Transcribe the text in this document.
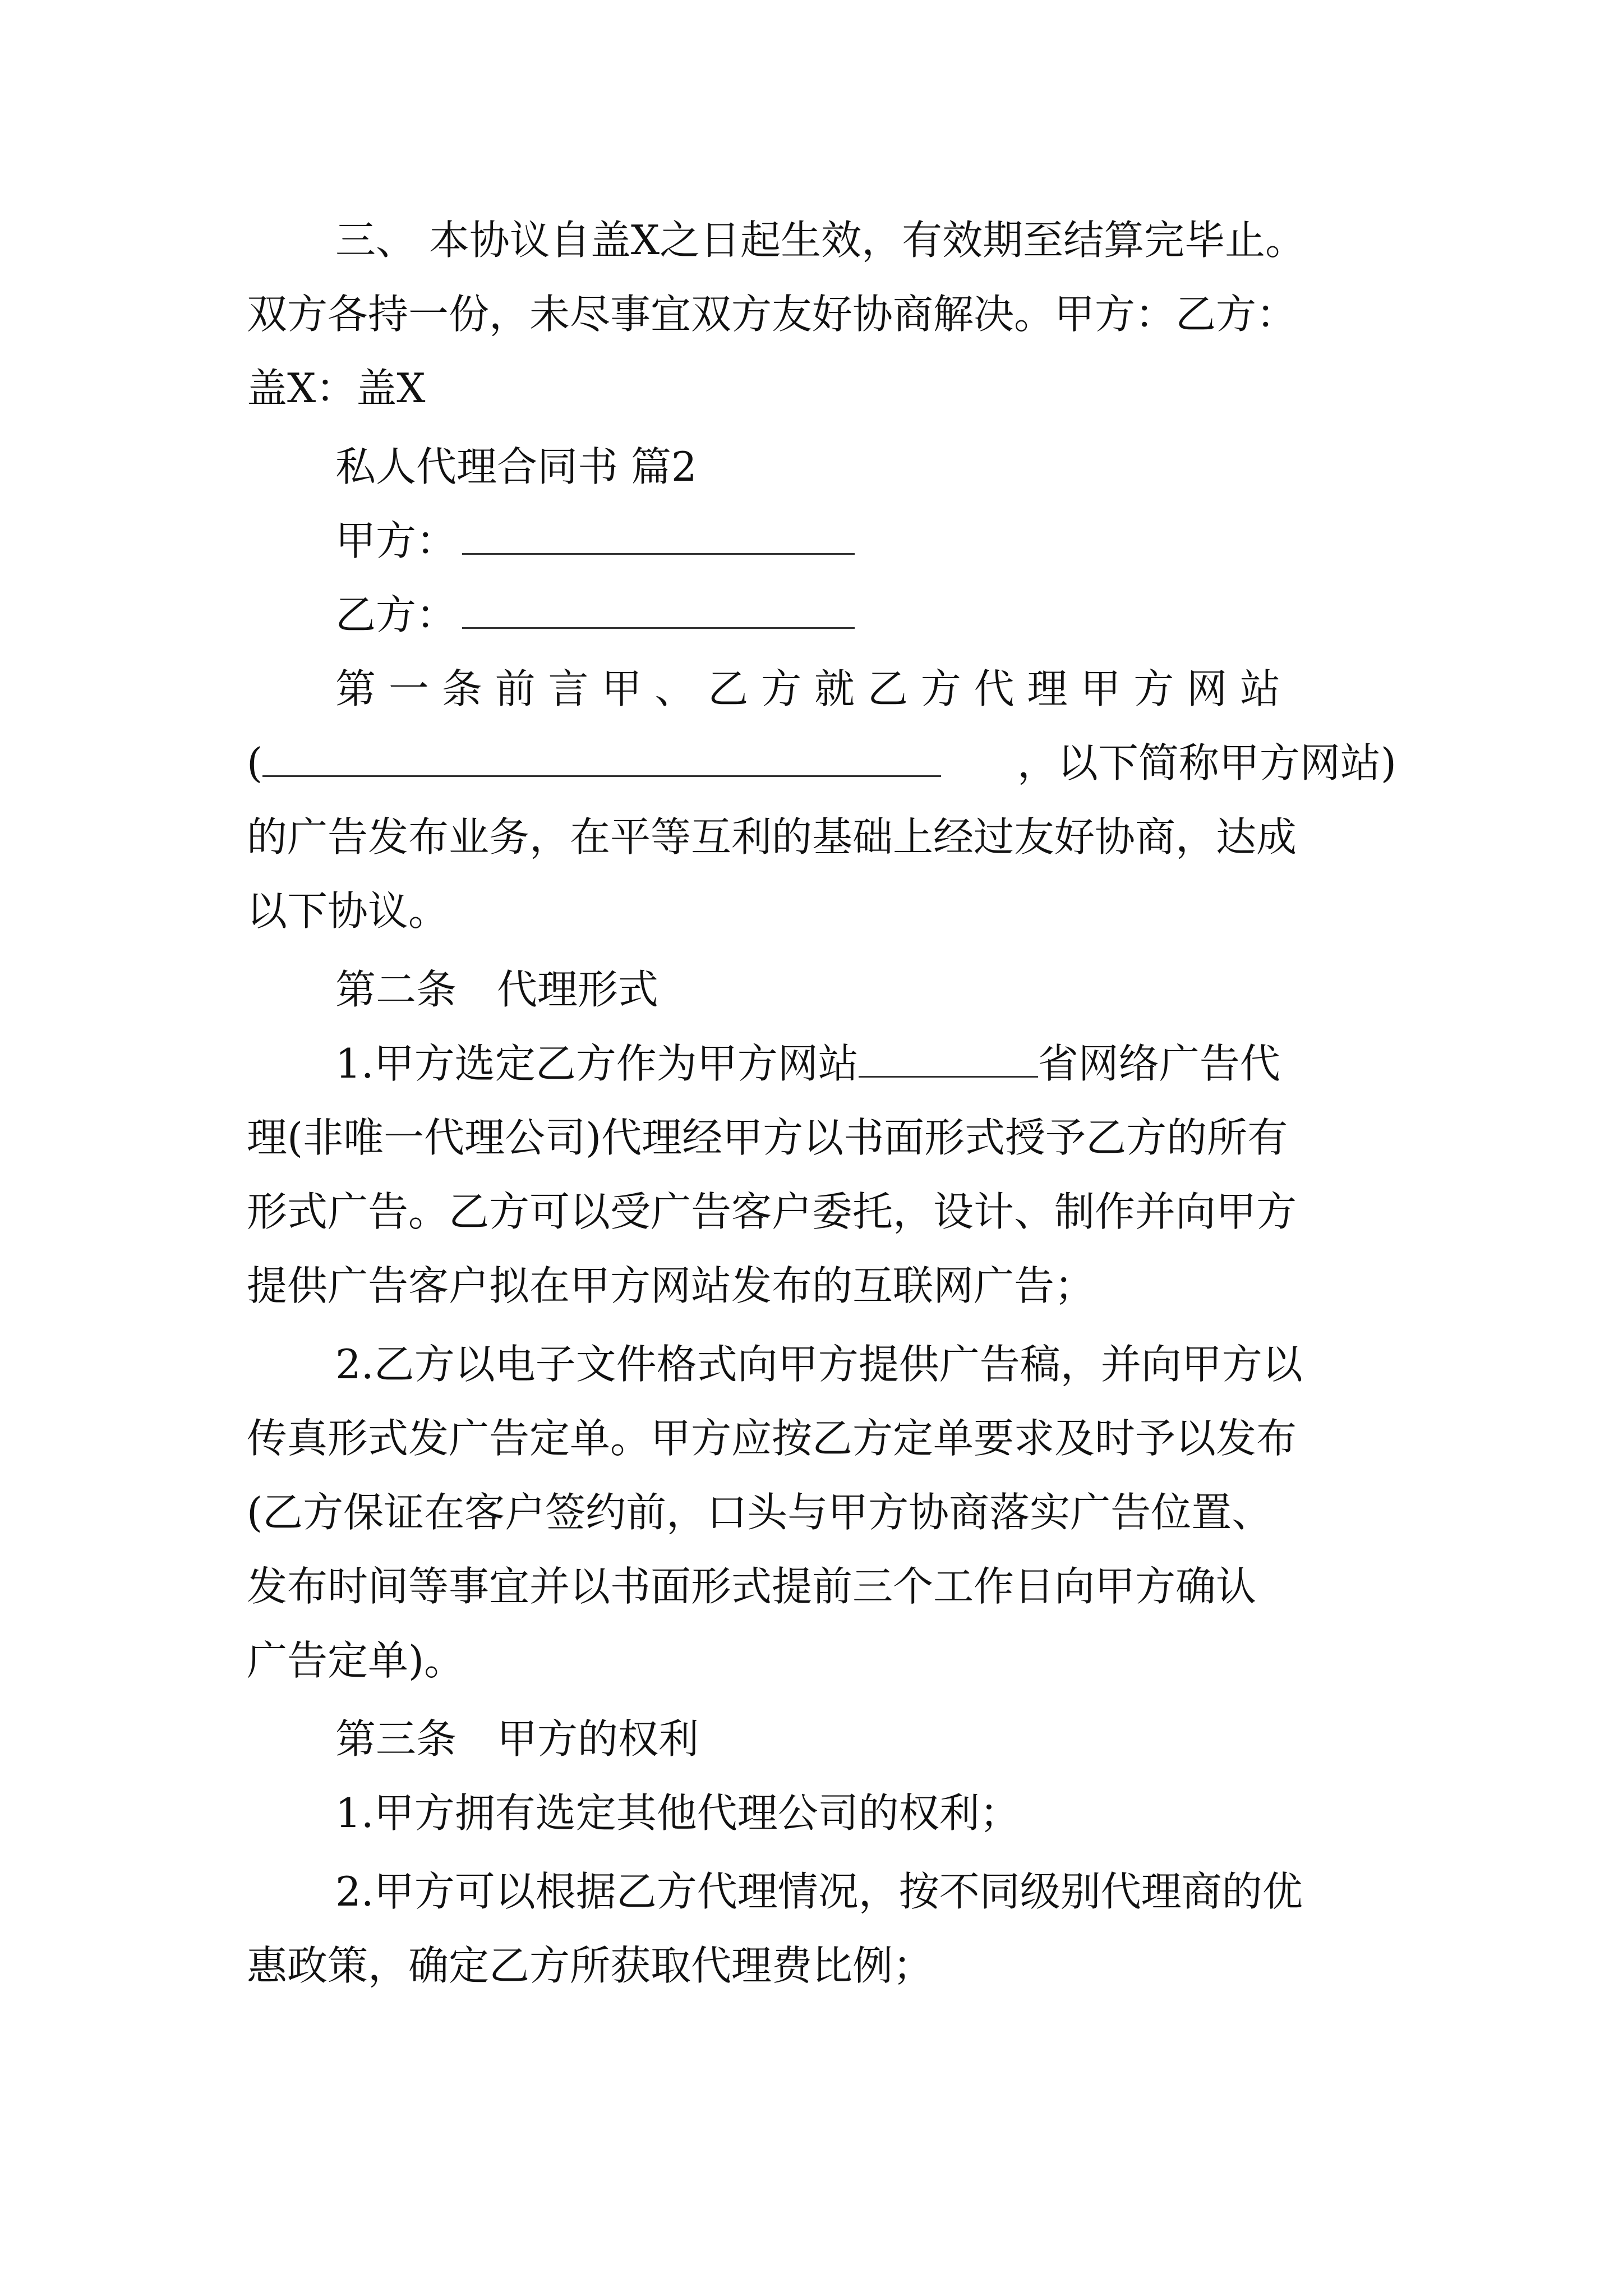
三、 本协议自盖X之日起生效，有效期至结算完毕止。
双方各持一份，未尽事宜双方友好协商解决。甲方：乙方：
盖X：盖X
私人代理合同书 篇2
甲方：
乙方：
第 一 条 前 言 甲 、 乙 方 就 乙 方 代 理 甲 方 网 站
(	，以下简称甲方网站)
的广告发布业务，在平等互利的基础上经过友好协商，达成
以下协议。
第二条　代理形式
1.甲方选定乙方作为甲方网站	省网络广告代
理(非唯一代理公司)代理经甲方以书面形式授予乙方的所有
形式广告。乙方可以受广告客户委托，设计、制作并向甲方
提供广告客户拟在甲方网站发布的互联网广告；
2.乙方以电子文件格式向甲方提供广告稿，并向甲方以
传真形式发广告定单。甲方应按乙方定单要求及时予以发布
(乙方保证在客户签约前，口头与甲方协商落实广告位置、
发布时间等事宜并以书面形式提前三个工作日向甲方确认
广告定单)。
第三条　甲方的权利
1.甲方拥有选定其他代理公司的权利；
2.甲方可以根据乙方代理情况，按不同级别代理商的优
惠政策，确定乙方所获取代理费比例；
